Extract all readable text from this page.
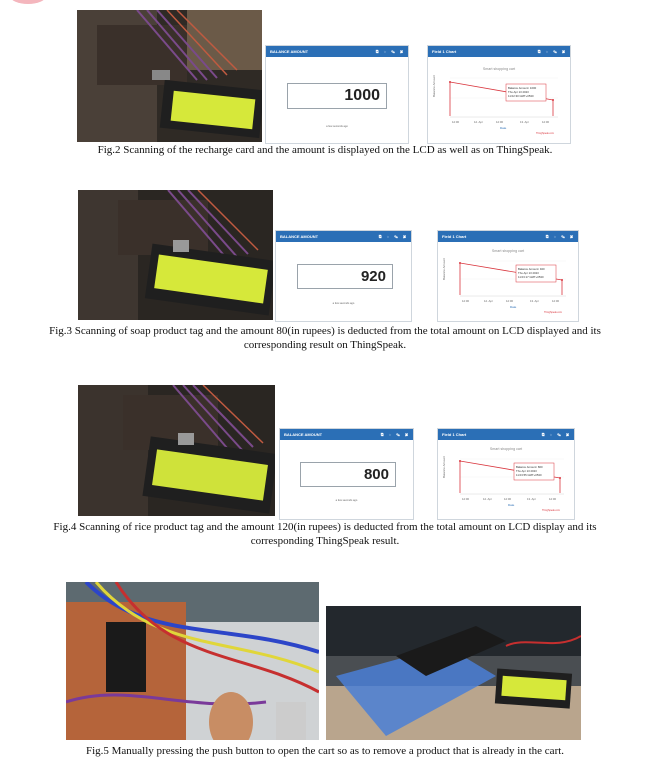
BALANCE AMOUNT	⧉ ◌ ✎ ✖
1000
a few seconds ago
Field 1 Chart	⧉ ◌ ✎ ✖
Smart shopping cart
Balance Amount	Balance Amount: 1000
Thu Apr 13 2023
11:02:30 GMT+0530
12:00	12. Apr	12:00	13. Apr	12:00
Date
ThingSpeak.com
Fig.2 Scanning of the recharge card and the amount is displayed on the LCD as well as on ThingSpeak.
BALANCE AMOUNT	⧉ ◌ ✎ ✖
920
a few seconds ago
Field 1 Chart	⧉ ◌ ✎ ✖
Smart shopping cart
Balance Amount	Balance Amount: 920
Thu Apr 13 2023
11:03:17 GMT+0530
12:00	12. Apr	12:00	13. Apr	12:00
Date
ThingSpeak.com
Fig.3 Scanning of soap product tag and the amount 80(in rupees) is deducted from the total amount on LCD displayed and its corresponding result on ThingSpeak.
BALANCE AMOUNT	⧉ ◌ ✎ ✖
800
a few seconds ago
Field 1 Chart	⧉ ◌ ✎ ✖
Smart shopping cart
Balance Amount	Balance Amount: 800
Thu Apr 13 2023
11:03:55 GMT+0530
12:00	12. Apr	12:00	13. Apr	12:00
Date
ThingSpeak.com
Fig.4 Scanning of rice product tag and the amount 120(in rupees) is deducted from the total amount on LCD display and its corresponding ThingSpeak result.
Fig.5 Manually pressing the push button to open the cart so as to remove a product that is already in the cart.
